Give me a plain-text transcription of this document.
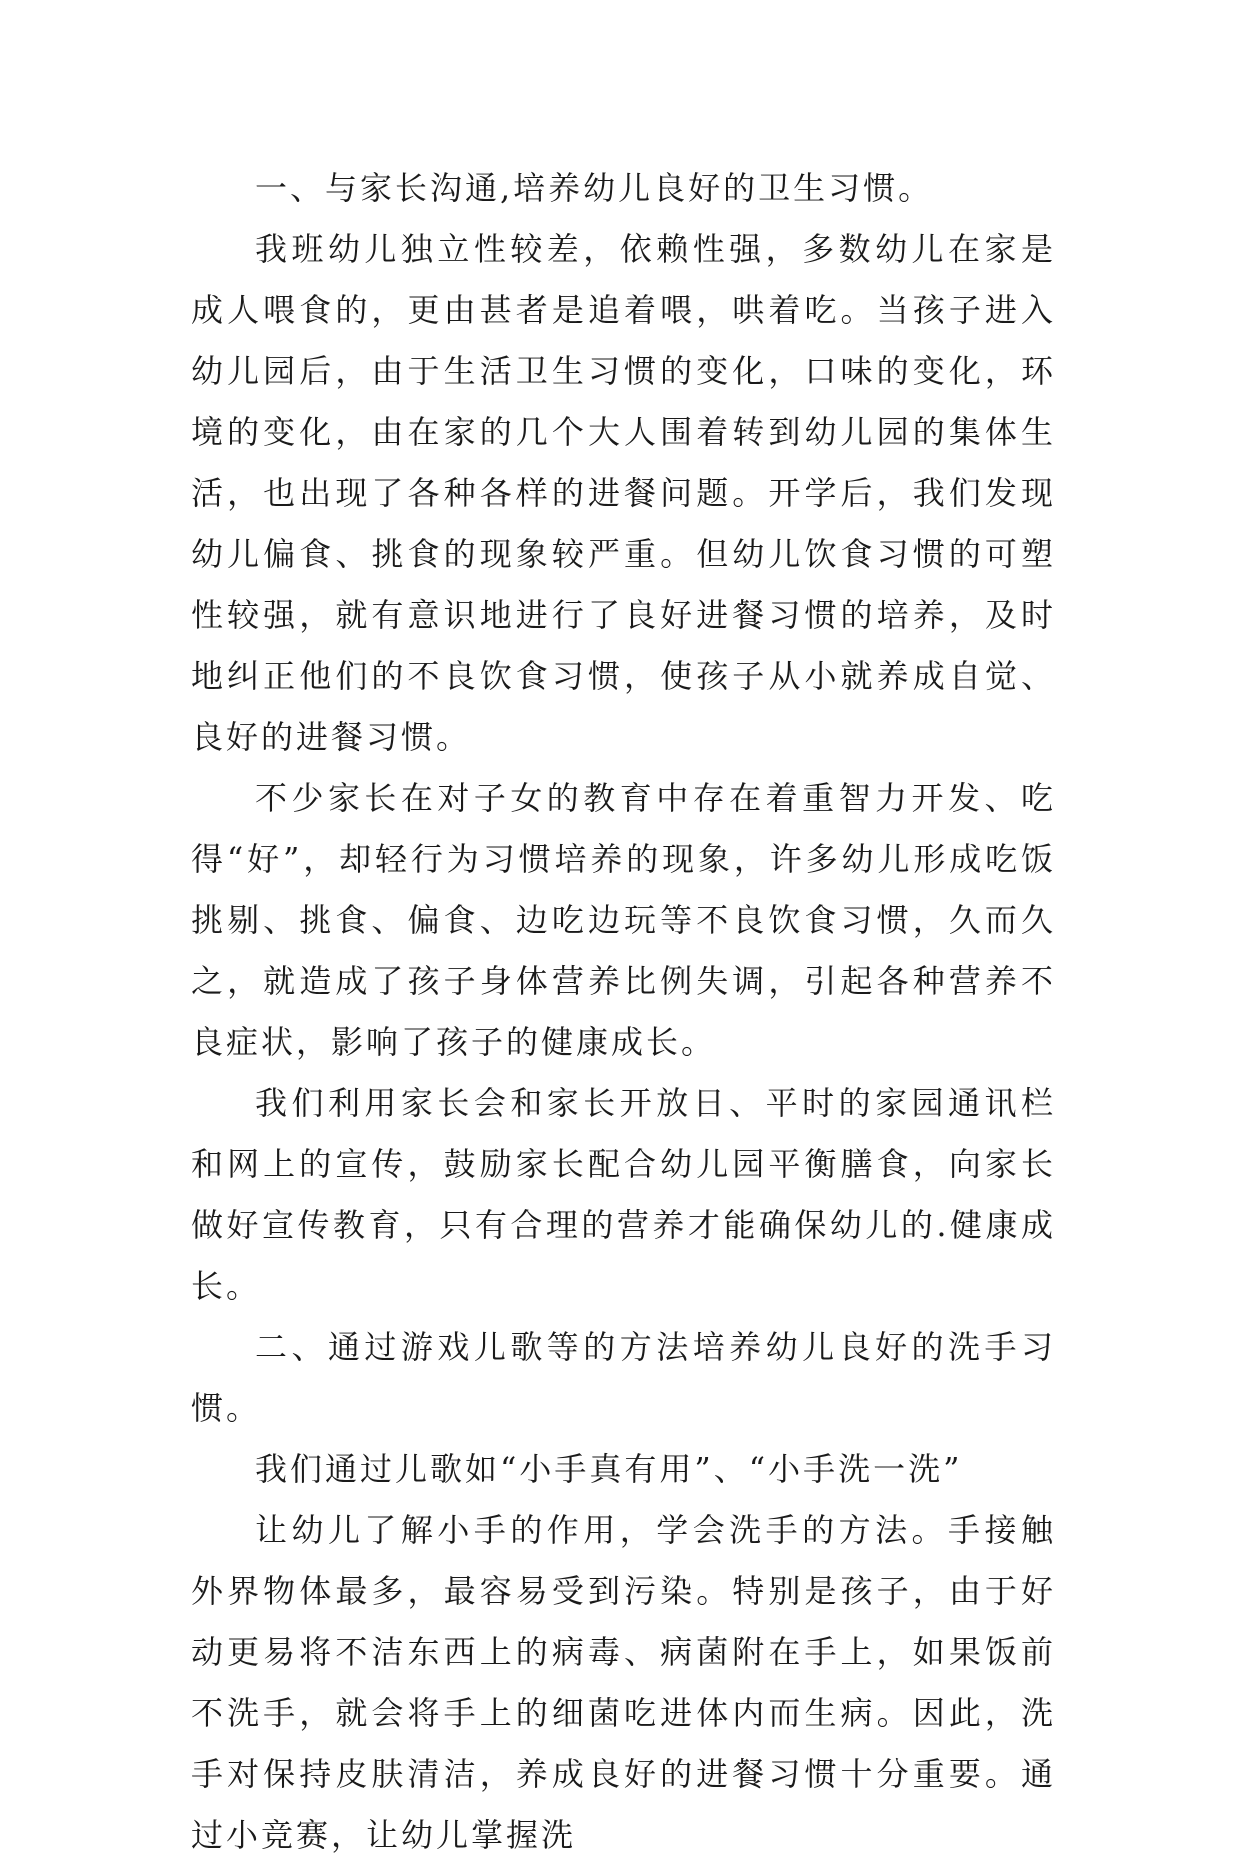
一、与家长沟通,培养幼儿良好的卫生习惯。

我班幼儿独立性较差，依赖性强，多数幼儿在家是成人喂食的，更由甚者是追着喂，哄着吃。当孩子进入幼儿园后，由于生活卫生习惯的变化，口味的变化，环境的变化，由在家的几个大人围着转到幼儿园的集体生活，也出现了各种各样的进餐问题。开学后，我们发现幼儿偏食、挑食的现象较严重。但幼儿饮食习惯的可塑性较强，就有意识地进行了良好进餐习惯的培养，及时地纠正他们的不良饮食习惯，使孩子从小就养成自觉、良好的进餐习惯。

不少家长在对子女的教育中存在着重智力开发、吃得“好”，却轻行为习惯培养的现象，许多幼儿形成吃饭挑剔、挑食、偏食、边吃边玩等不良饮食习惯，久而久之，就造成了孩子身体营养比例失调，引起各种营养不良症状，影响了孩子的健康成长。

我们利用家长会和家长开放日、平时的家园通讯栏和网上的宣传，鼓励家长配合幼儿园平衡膳食，向家长做好宣传教育，只有合理的营养才能确保幼儿的.健康成长。

二、通过游戏儿歌等的方法培养幼儿良好的洗手习惯。

我们通过儿歌如“小手真有用”、“小手洗一洗”

让幼儿了解小手的作用，学会洗手的方法。手接触外界物体最多，最容易受到污染。特别是孩子，由于好动更易将不洁东西上的病毒、病菌附在手上，如果饭前不洗手，就会将手上的细菌吃进体内而生病。因此，洗手对保持皮肤清洁，养成良好的进餐习惯十分重要。通过小竞赛，让幼儿掌握洗
